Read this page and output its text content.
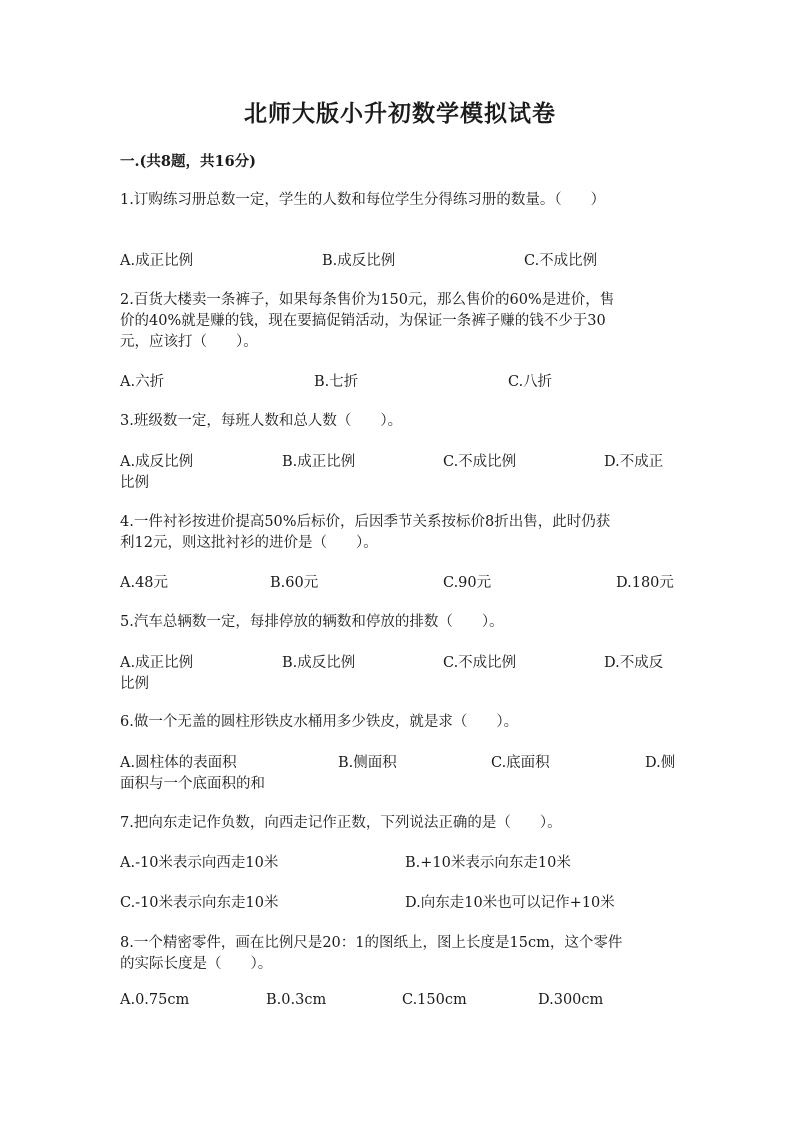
北师大版小升初数学模拟试卷
一.(共8题，共16分)
1.订购练习册总数一定，学生的人数和每位学生分得练习册的数量。（　　）
A.成正比例	B.成反比例	C.不成比例
2.百货大楼卖一条裤子，如果每条售价为150元，那么售价的60%是进价，售
价的40%就是赚的钱，现在要搞促销活动，为保证一条裤子赚的钱不少于30
元，应该打（　　）。
A.六折	B.七折	C.八折
3.班级数一定，每班人数和总人数（　　）。
A.成反比例	B.成正比例	C.不成比例	D.不成正
比例
4.一件衬衫按进价提高50%后标价，后因季节关系按标价8折出售，此时仍获
利12元，则这批衬衫的进价是（　　）。
A.48元	B.60元	C.90元	D.180元
5.汽车总辆数一定，每排停放的辆数和停放的排数（　　）。
A.成正比例	B.成反比例	C.不成比例	D.不成反
比例
6.做一个无盖的圆柱形铁皮水桶用多少铁皮，就是求（　　）。
A.圆柱体的表面积	B.侧面积	C.底面积	D.侧
面积与一个底面积的和
7.把向东走记作负数，向西走记作正数，下列说法正确的是（　　）。
A.-10米表示向西走10米	B.+10米表示向东走10米
C.-10米表示向东走10米	D.向东走10米也可以记作+10米
8.一个精密零件，画在比例尺是20：1的图纸上，图上长度是15cm，这个零件
的实际长度是（　　）。
A.0.75cm	B.0.3cm	C.150cm	D.300cm
